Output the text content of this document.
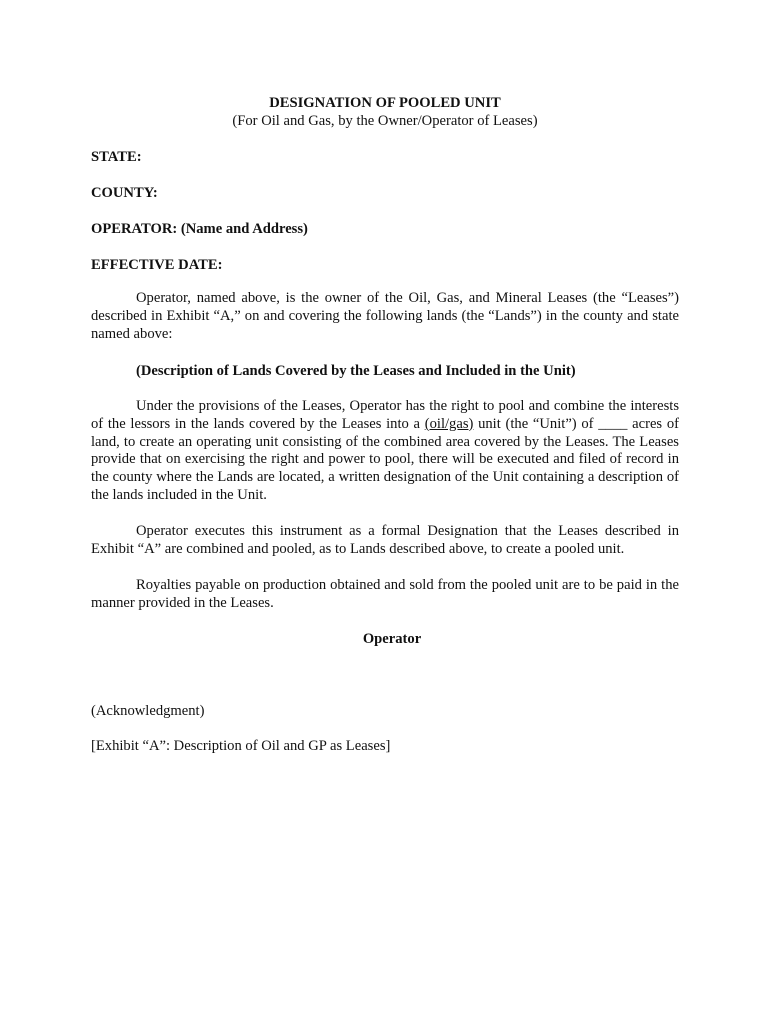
DESIGNATION OF POOLED UNIT
(For Oil and Gas, by the Owner/Operator of Leases)
STATE:
COUNTY:
OPERATOR: (Name and Address)
EFFECTIVE DATE:

Operator, named above, is the owner of the Oil, Gas, and Mineral Leases (the “Leases”) described in Exhibit “A,” on and covering the following lands (the “Lands”) in the county and state named above:

(Description of Lands Covered by the Leases and Included in the Unit)

Under the provisions of the Leases, Operator has the right to pool and combine the interests of the lessors in the lands covered by the Leases into a (oil/gas) unit (the “Unit”) of ____ acres of land, to create an operating unit consisting of the combined area covered by the Leases. The Leases provide that on exercising the right and power to pool, there will be executed and filed of record in the county where the Lands are located, a written designation of the Unit containing a description of the lands included in the Unit.

Operator executes this instrument as a formal Designation that the Leases described in Exhibit “A” are combined and pooled, as to Lands described above, to create a pooled unit.

Royalties payable on production obtained and sold from the pooled unit are to be paid in the manner provided in the Leases.

Operator

(Acknowledgment)

[Exhibit “A”: Description of Oil and GP as Leases]
